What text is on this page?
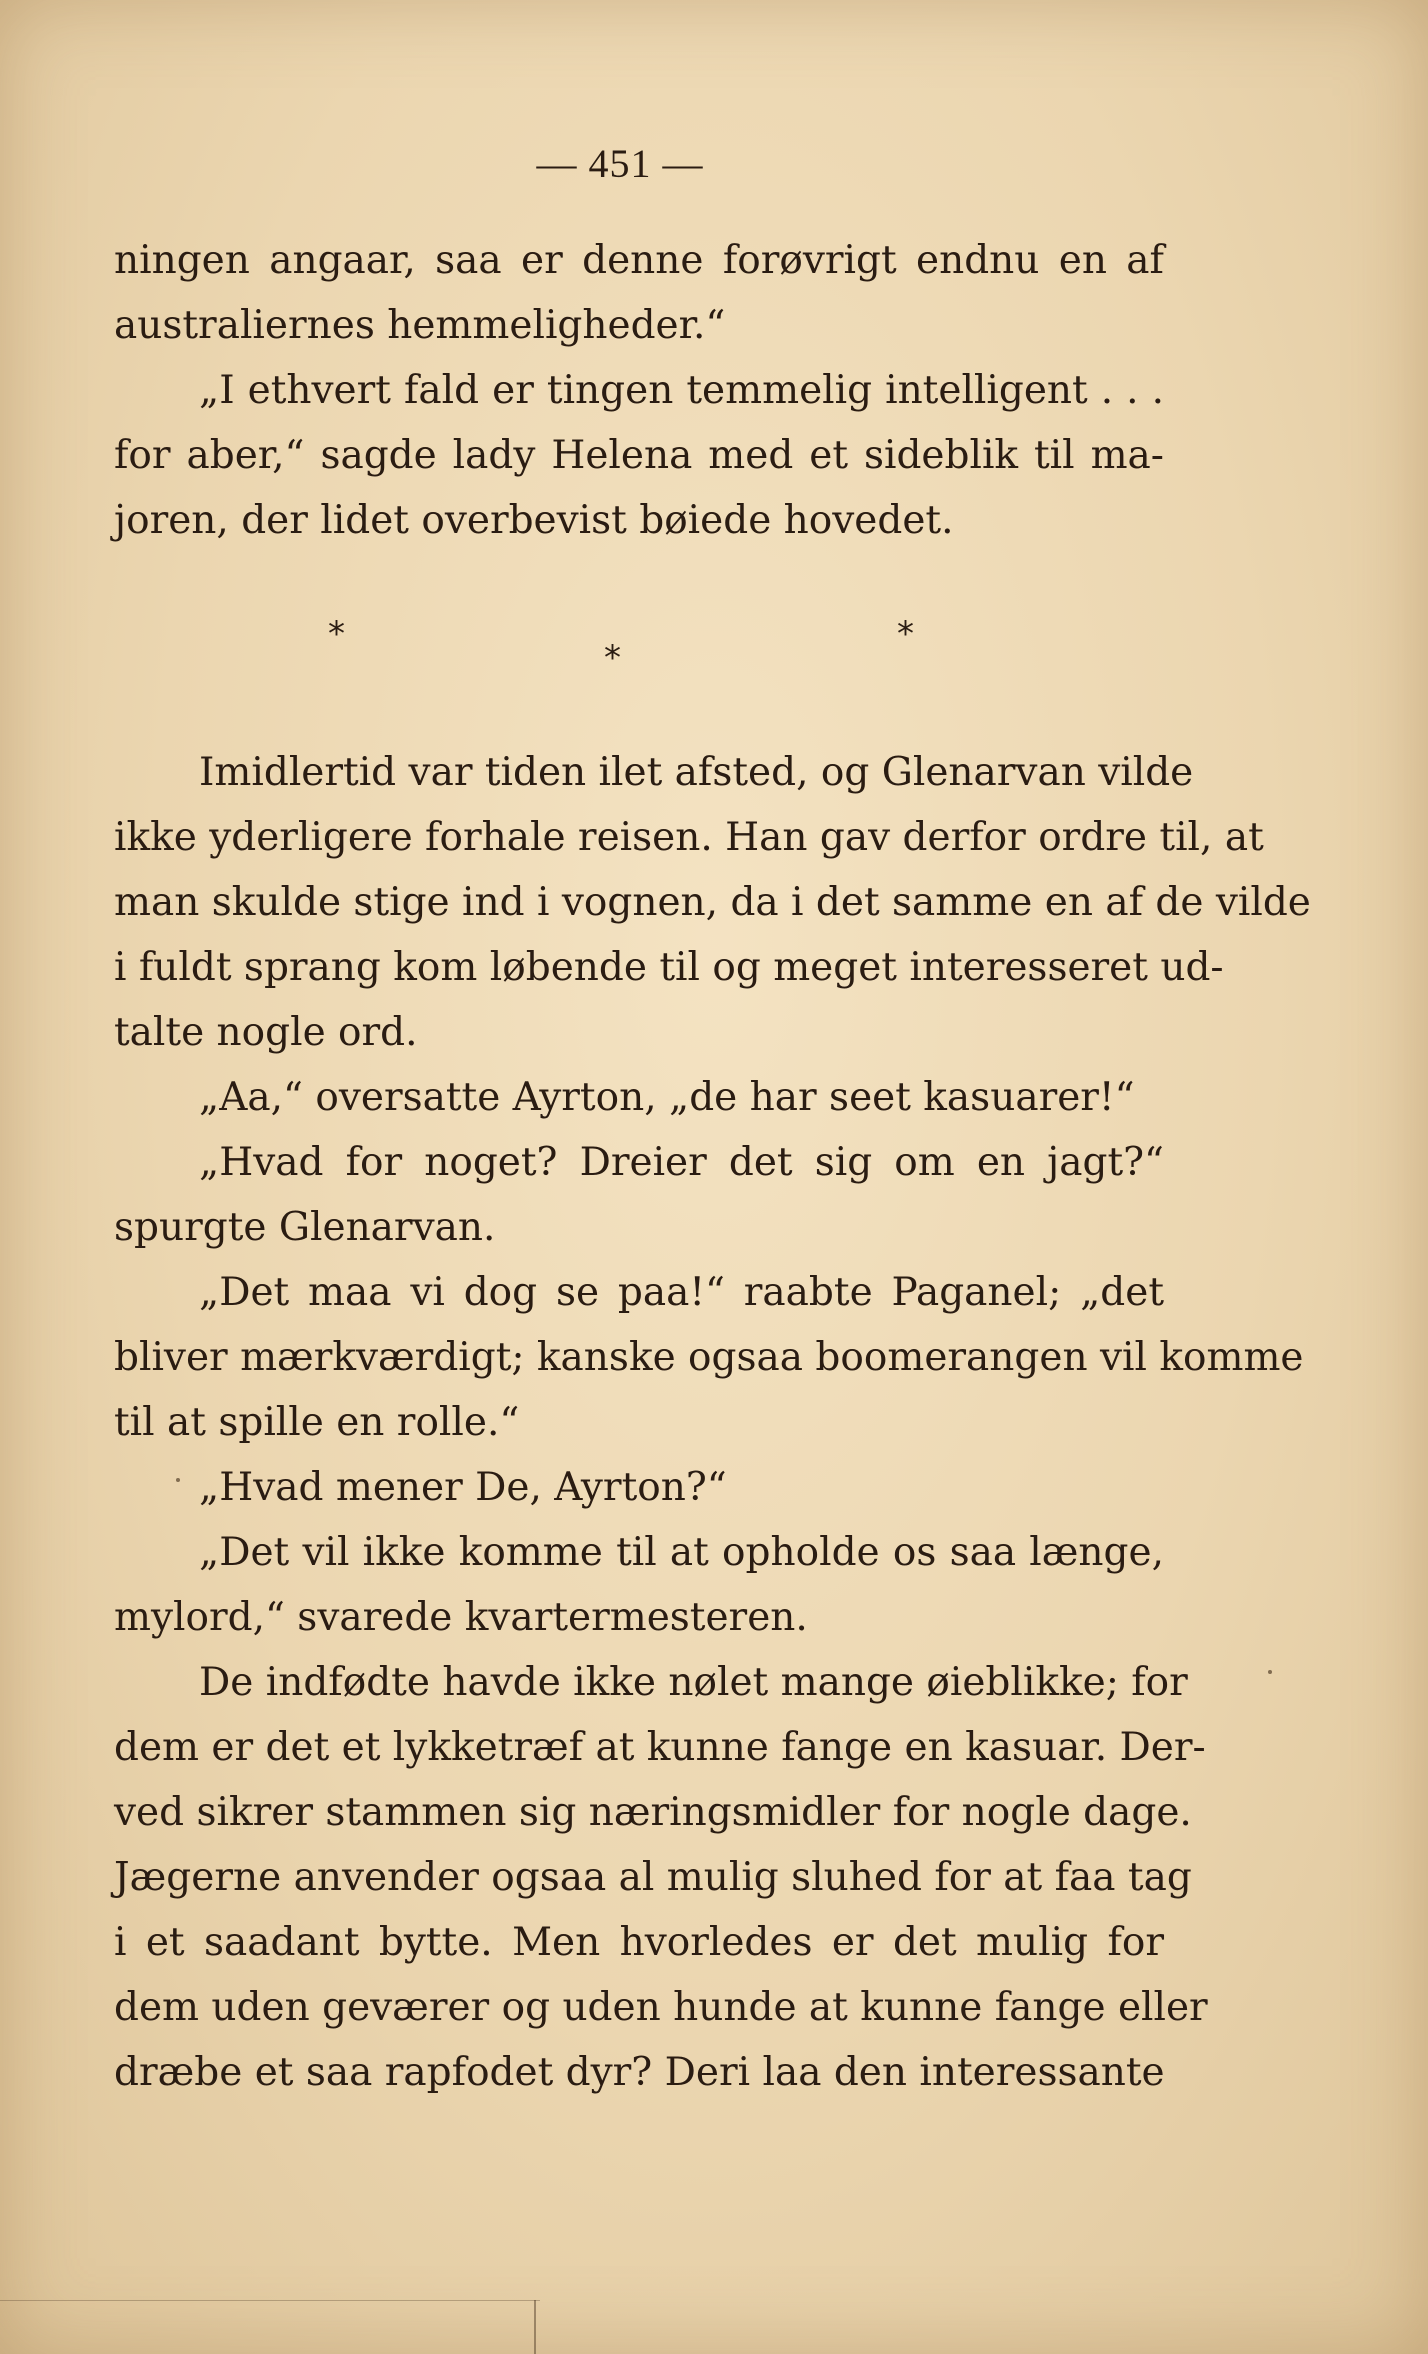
— 451 —
ningen angaar, saa er denne forøvrigt endnu en af
australiernes hemmeligheder.“
„I ethvert fald er tingen temmelig intelligent . . .
for aber,“ sagde lady Helena med et sideblik til ma-
joren, der lidet overbevist bøiede hovedet.
*
*
*
Imidlertid var tiden ilet afsted, og Glenarvan vilde
ikke yderligere forhale reisen. Han gav derfor ordre til, at
man skulde stige ind i vognen, da i det samme en af de vilde
i fuldt sprang kom løbende til og meget interesseret ud-
talte nogle ord.
„Aa,“ oversatte Ayrton, „de har seet kasuarer!“
„Hvad for noget? Dreier det sig om en jagt?“
spurgte Glenarvan.
„Det maa vi dog se paa!“ raabte Paganel; „det
bliver mærkværdigt; kanske ogsaa boomerangen vil komme
til at spille en rolle.“
„Hvad mener De, Ayrton?“
„Det vil ikke komme til at opholde os saa længe,
mylord,“ svarede kvartermesteren.
De indfødte havde ikke nølet mange øieblikke; for
dem er det et lykketræf at kunne fange en kasuar. Der-
ved sikrer stammen sig næringsmidler for nogle dage.
Jægerne anvender ogsaa al mulig sluhed for at faa tag
i et saadant bytte. Men hvorledes er det mulig for
dem uden geværer og uden hunde at kunne fange eller
dræbe et saa rapfodet dyr? Deri laa den interessante
